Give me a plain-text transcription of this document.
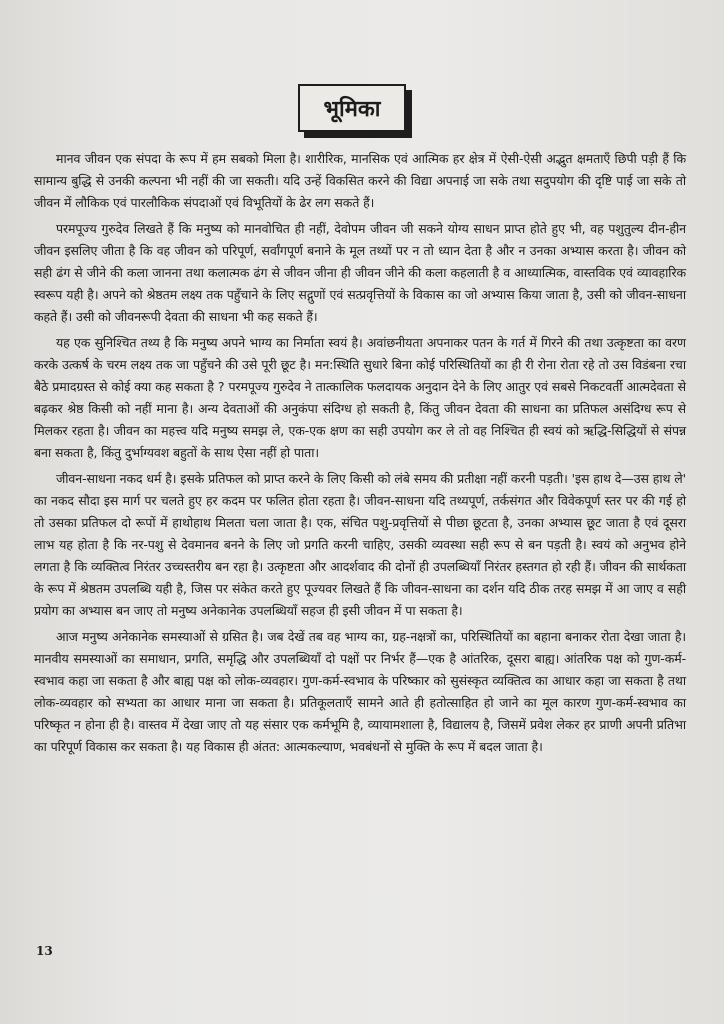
भूमिका

मानव जीवन एक संपदा के रूप में हम सबको मिला है। शारीरिक, मानसिक एवं आत्मिक हर क्षेत्र में ऐसी-ऐसी अद्भुत क्षमताएँ छिपी पड़ी हैं कि सामान्य बुद्धि से उनकी कल्पना भी नहीं की जा सकती। यदि उन्हें विकसित करने की विद्या अपनाई जा सके तथा सदुपयोग की दृष्टि पाई जा सके तो जीवन में लौकिक एवं पारलौकिक संपदाओं एवं विभूतियों के ढेर लग सकते हैं।

परमपूज्य गुरुदेव लिखते हैं कि मनुष्य को मानवोचित ही नहीं, देवोपम जीवन जी सकने योग्य साधन प्राप्त होते हुए भी, वह पशुतुल्य दीन-हीन जीवन इसलिए जीता है कि वह जीवन को परिपूर्ण, सर्वांगपूर्ण बनाने के मूल तथ्यों पर न तो ध्यान देता है और न उनका अभ्यास करता है। जीवन को सही ढंग से जीने की कला जानना तथा कलात्मक ढंग से जीवन जीना ही जीवन जीने की कला कहलाती है व आध्यात्मिक, वास्तविक एवं व्यावहारिक स्वरूप यही है। अपने को श्रेष्ठतम लक्ष्य तक पहुँचाने के लिए सद्गुणों एवं सत्प्रवृत्तियों के विकास का जो अभ्यास किया जाता है, उसी को जीवन-साधना कहते हैं। उसी को जीवनरूपी देवता की साधना भी कह सकते हैं।

यह एक सुनिश्चित तथ्य है कि मनुष्य अपने भाग्य का निर्माता स्वयं है। अवांछनीयता अपनाकर पतन के गर्त में गिरने की तथा उत्कृष्टता का वरण करके उत्कर्ष के चरम लक्ष्य तक जा पहुँचने की उसे पूरी छूट है। मन:स्थिति सुधारे बिना कोई परिस्थितियों का ही री रोना रोता रहे तो उस विडंबना रचा बैठे प्रमादग्रस्त से कोई क्या कह सकता है ? परमपूज्य गुरुदेव ने तात्कालिक फलदायक अनुदान देने के लिए आतुर एवं सबसे निकटवर्ती आत्मदेवता से बढ़कर श्रेष्ठ किसी को नहीं माना है। अन्य देवताओं की अनुकंपा संदिग्ध हो सकती है, किंतु जीवन देवता की साधना का प्रतिफल असंदिग्ध रूप से मिलकर रहता है। जीवन का महत्त्व यदि मनुष्य समझ ले, एक-एक क्षण का सही उपयोग कर ले तो वह निश्चित ही स्वयं को ऋद्धि-सिद्धियों से संपन्न बना सकता है, किंतु दुर्भाग्यवश बहुतों के साथ ऐसा नहीं हो पाता।

जीवन-साधना नकद धर्म है। इसके प्रतिफल को प्राप्त करने के लिए किसी को लंबे समय की प्रतीक्षा नहीं करनी पड़ती। 'इस हाथ दे—उस हाथ ले' का नकद सौदा इस मार्ग पर चलते हुए हर कदम पर फलित होता रहता है। जीवन-साधना यदि तथ्यपूर्ण, तर्कसंगत और विवेकपूर्ण स्तर पर की गई हो तो उसका प्रतिफल दो रूपों में हाथोहाथ मिलता चला जाता है। एक, संचित पशु-प्रवृत्तियों से पीछा छूटता है, उनका अभ्यास छूट जाता है एवं दूसरा लाभ यह होता है कि नर-पशु से देवमानव बनने के लिए जो प्रगति करनी चाहिए, उसकी व्यवस्था सही रूप से बन पड़ती है। स्वयं को अनुभव होने लगता है कि व्यक्तित्व निरंतर उच्चस्तरीय बन रहा है। उत्कृष्टता और आदर्शवाद की दोनों ही उपलब्धियाँ निरंतर हस्तगत हो रही हैं। जीवन की सार्थकता के रूप में श्रेष्ठतम उपलब्धि यही है, जिस पर संकेत करते हुए पूज्यवर लिखते हैं कि जीवन-साधना का दर्शन यदि ठीक तरह समझ में आ जाए व सही प्रयोग का अभ्यास बन जाए तो मनुष्य अनेकानेक उपलब्धियाँ सहज ही इसी जीवन में पा सकता है।

आज मनुष्य अनेकानेक समस्याओं से ग्रसित है। जब देखें तब वह भाग्य का, ग्रह-नक्षत्रों का, परिस्थितियों का बहाना बनाकर रोता देखा जाता है। मानवीय समस्याओं का समाधान, प्रगति, समृद्धि और उपलब्धियाँ दो पक्षों पर निर्भर हैं—एक है आंतरिक, दूसरा बाह्य। आंतरिक पक्ष को गुण-कर्म-स्वभाव कहा जा सकता है और बाह्य पक्ष को लोक-व्यवहार। गुण-कर्म-स्वभाव के परिष्कार को सुसंस्कृत व्यक्तित्व का आधार कहा जा सकता है तथा लोक-व्यवहार को सभ्यता का आधार माना जा सकता है। प्रतिकूलताएँ सामने आते ही हतोत्साहित हो जाने का मूल कारण गुण-कर्म-स्वभाव का परिष्कृत न होना ही है। वास्तव में देखा जाए तो यह संसार एक कर्मभूमि है, व्यायामशाला है, विद्यालय है, जिसमें प्रवेश लेकर हर प्राणी अपनी प्रतिभा का परिपूर्ण विकास कर सकता है। यह विकास ही अंतत: आत्मकल्याण, भवबंधनों से मुक्ति के रूप में बदल जाता है।

13
